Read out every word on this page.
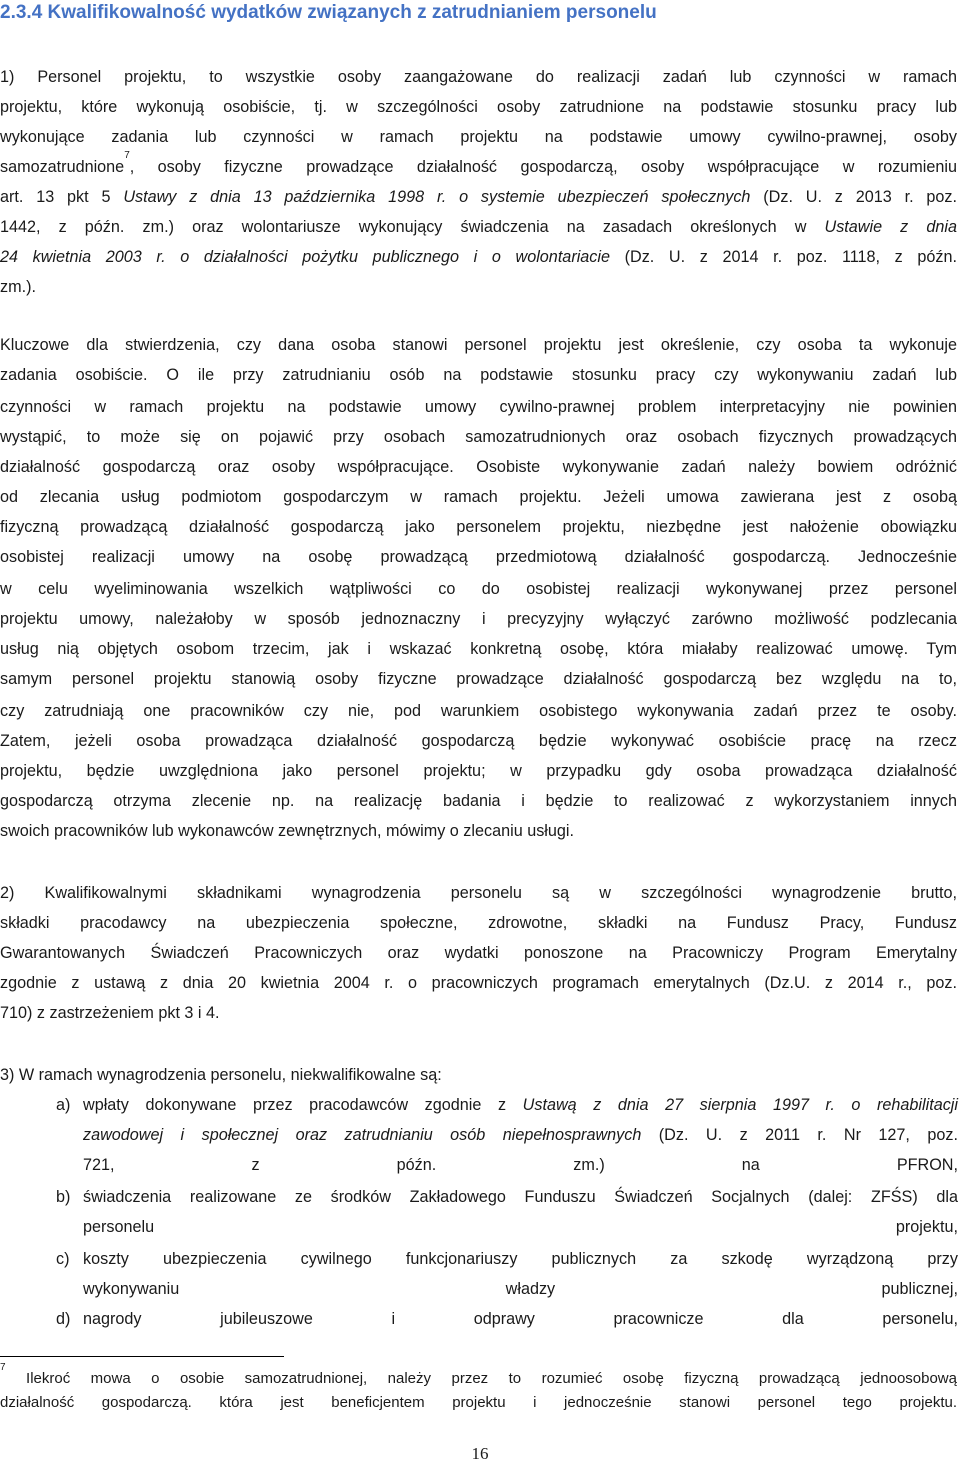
2.3.4 Kwalifikowalność wydatków związanych z zatrudnianiem personelu

1) Personel projektu, to wszystkie osoby zaangażowane do realizacji zadań lub czynności w ramach

projektu, które wykonują osobiście, tj. w szczególności osoby zatrudnione na podstawie stosunku pracy lub

wykonujące zadania lub czynności w ramach projektu na podstawie umowy cywilno-prawnej, osoby

samozatrudnione$^7$, osoby fizyczne prowadzące działalność gospodarczą, osoby współpracujące w rozumieniu

art. 13 pkt 5 Ustawy z dnia 13 października 1998 r. o systemie ubezpieczeń społecznych (Dz. U. z 2013 r. poz.

1442, z późn. zm.) oraz wolontariusze wykonujący świadczenia na zasadach określonych w Ustawie z dnia

24 kwietnia 2003 r. o działalności pożytku publicznego i o wolontariacie (Dz. U. z 2014 r. poz. 1118, z późn.

zm.).

Kluczowe dla stwierdzenia, czy dana osoba stanowi personel projektu jest określenie, czy osoba ta wykonuje

zadania osobiście. O ile przy zatrudnianiu osób na podstawie stosunku pracy czy wykonywaniu zadań lub

czynności w ramach projektu na podstawie umowy cywilno-prawnej problem interpretacyjny nie powinien

wystąpić, to może się on pojawić przy osobach samozatrudnionych oraz osobach fizycznych prowadzących

działalność gospodarczą oraz osoby współpracujące. Osobiste wykonywanie zadań należy bowiem odróżnić

od zlecania usług podmiotom gospodarczym w ramach projektu. Jeżeli umowa zawierana jest z osobą

fizyczną prowadzącą działalność gospodarczą jako personelem projektu, niezbędne jest nałożenie obowiązku

osobistej realizacji umowy na osobę prowadzącą przedmiotową działalność gospodarczą. Jednocześnie

w celu wyeliminowania wszelkich wątpliwości co do osobistej realizacji wykonywanej przez personel

projektu umowy, należałoby w sposób jednoznaczny i precyzyjny wyłączyć zarówno możliwość podzlecania

usług nią objętych osobom trzecim, jak i wskazać konkretną osobę, która miałaby realizować umowę. Tym

samym personel projektu stanowią osoby fizyczne prowadzące działalność gospodarczą bez względu na to,

czy zatrudniają one pracowników czy nie, pod warunkiem osobistego wykonywania zadań przez te osoby.

Zatem, jeżeli osoba prowadząca działalność gospodarczą będzie wykonywać osobiście pracę na rzecz

projektu, będzie uwzględniona jako personel projektu; w przypadku gdy osoba prowadząca działalność

gospodarczą otrzyma zlecenie np. na realizację badania i będzie to realizować z wykorzystaniem innych

swoich pracowników lub wykonawców zewnętrznych, mówimy o zlecaniu usługi.

2) Kwalifikowalnymi składnikami wynagrodzenia personelu są w szczególności wynagrodzenie brutto,

składki pracodawcy na ubezpieczenia społeczne, zdrowotne, składki na Fundusz Pracy, Fundusz

Gwarantowanych Świadczeń Pracowniczych oraz wydatki ponoszone na Pracowniczy Program Emerytalny

zgodnie z ustawą z dnia 20 kwietnia 2004 r. o pracowniczych programach emerytalnych (Dz.U. z 2014 r., poz.

710) z zastrzeżeniem pkt 3 i 4.

3) W ramach wynagrodzenia personelu, niekwalifikowalne są:

a) wpłaty dokonywane przez pracodawców zgodnie z Ustawą z dnia 27 sierpnia 1997 r. o rehabilitacji

zawodowej i społecznej oraz zatrudnianiu osób niepełnosprawnych (Dz. U. z 2011 r. Nr 127, poz.

721, z późn. zm.) na PFRON,

b) świadczenia realizowane ze środków Zakładowego Funduszu Świadczeń Socjalnych (dalej: ZFŚS) dla

personelu projektu,

c) koszty ubezpieczenia cywilnego funkcjonariuszy publicznych za szkodę wyrządzoną przy

wykonywaniu władzy publicznej,

d) nagrody jubileuszowe i odprawy pracownicze dla personelu,

$^7$ Ilekroć mowa o osobie samozatrudnionej, należy przez to rozumieć osobę fizyczną prowadzącą jednoosobową

działalność gospodarczą. która jest beneficjentem projektu i jednocześnie stanowi personel tego projektu.

16
